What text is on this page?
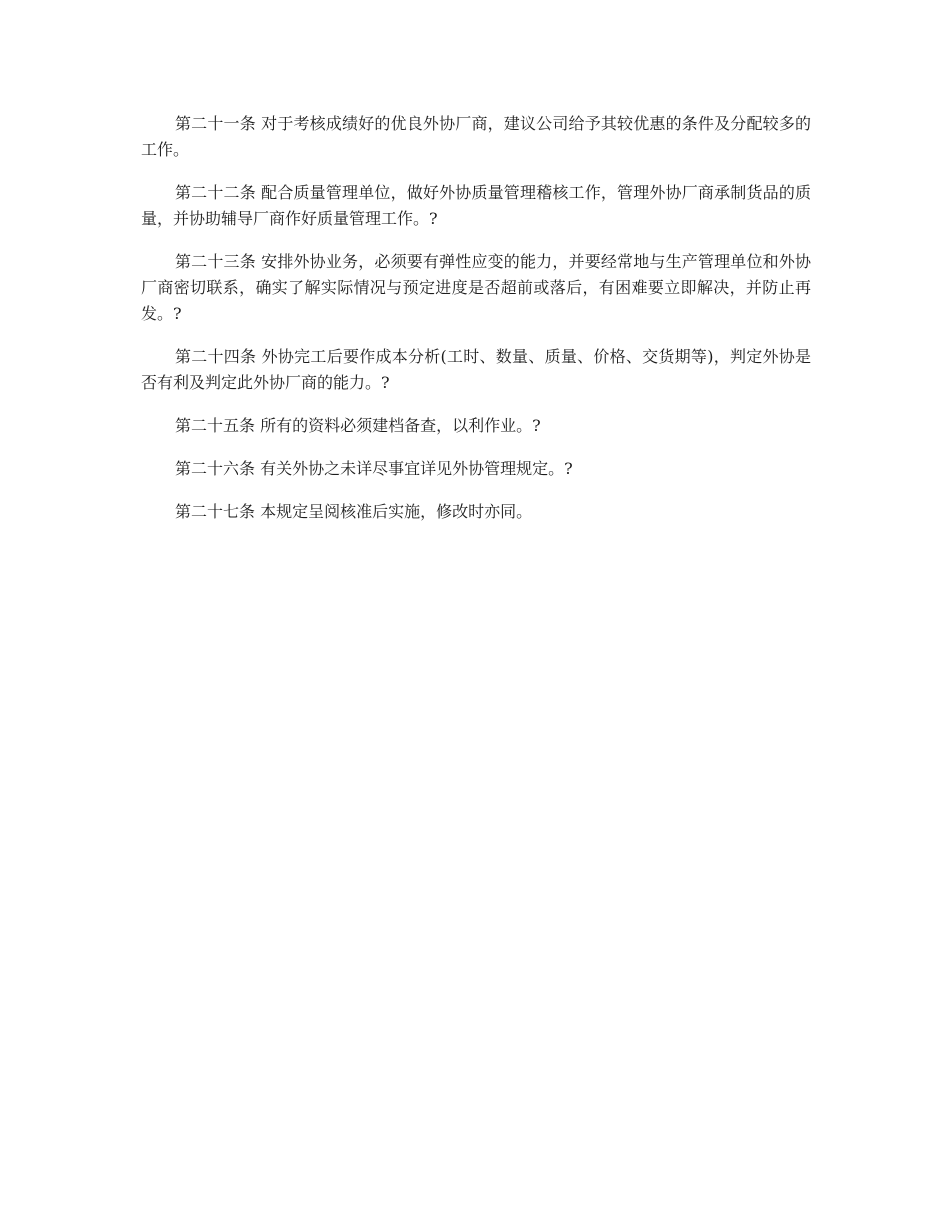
第二十一条 对于考核成绩好的优良外协厂商，建议公司给予其较优惠的条件及分配较多的工作。

第二十二条 配合质量管理单位，做好外协质量管理稽核工作，管理外协厂商承制货品的质量，并协助辅导厂商作好质量管理工作。?

第二十三条 安排外协业务，必须要有弹性应变的能力，并要经常地与生产管理单位和外协厂商密切联系，确实了解实际情况与预定进度是否超前或落后，有困难要立即解决，并防止再发。?

第二十四条 外协完工后要作成本分析(工时、数量、质量、价格、交货期等)，判定外协是否有利及判定此外协厂商的能力。?

第二十五条 所有的资料必须建档备查，以利作业。?

第二十六条 有关外协之未详尽事宜详见外协管理规定。?

第二十七条 本规定呈阅核准后实施，修改时亦同。
